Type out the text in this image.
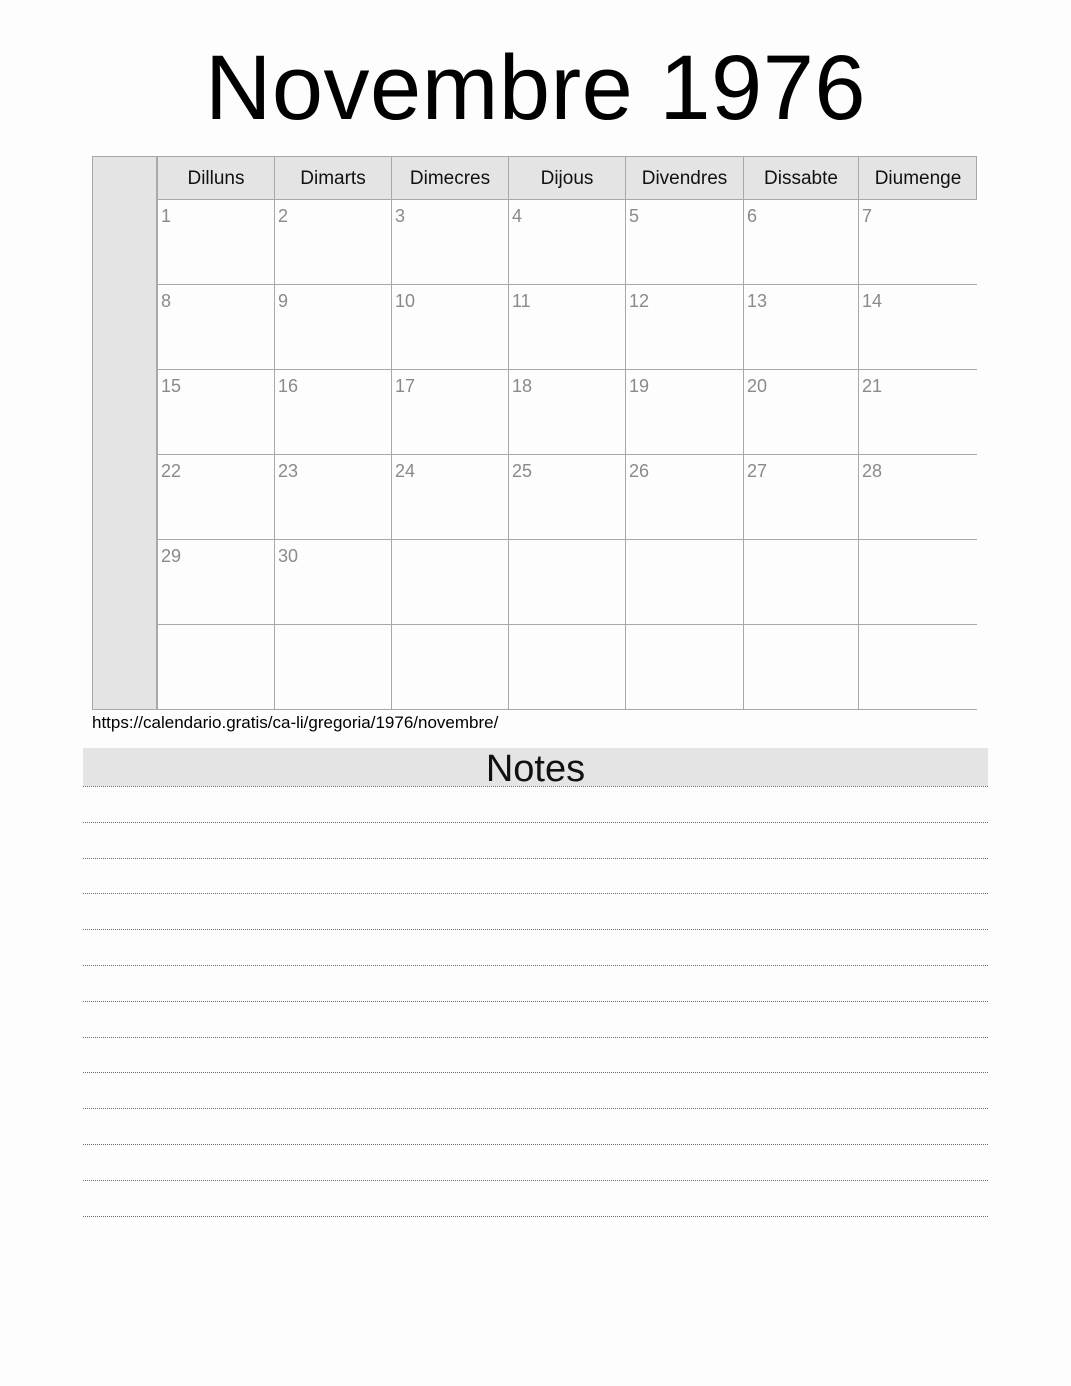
Novembre 1976
Dilluns	Dimarts	Dimecres	Dijous	Divendres	Dissabte	Diumenge
1	2	3	4	5	6	7
8	9	10	11	12	13	14
15	16	17	18	19	20	21
22	23	24	25	26	27	28
29	30
https://calendario.gratis/ca-li/gregoria/1976/novembre/
Notes
